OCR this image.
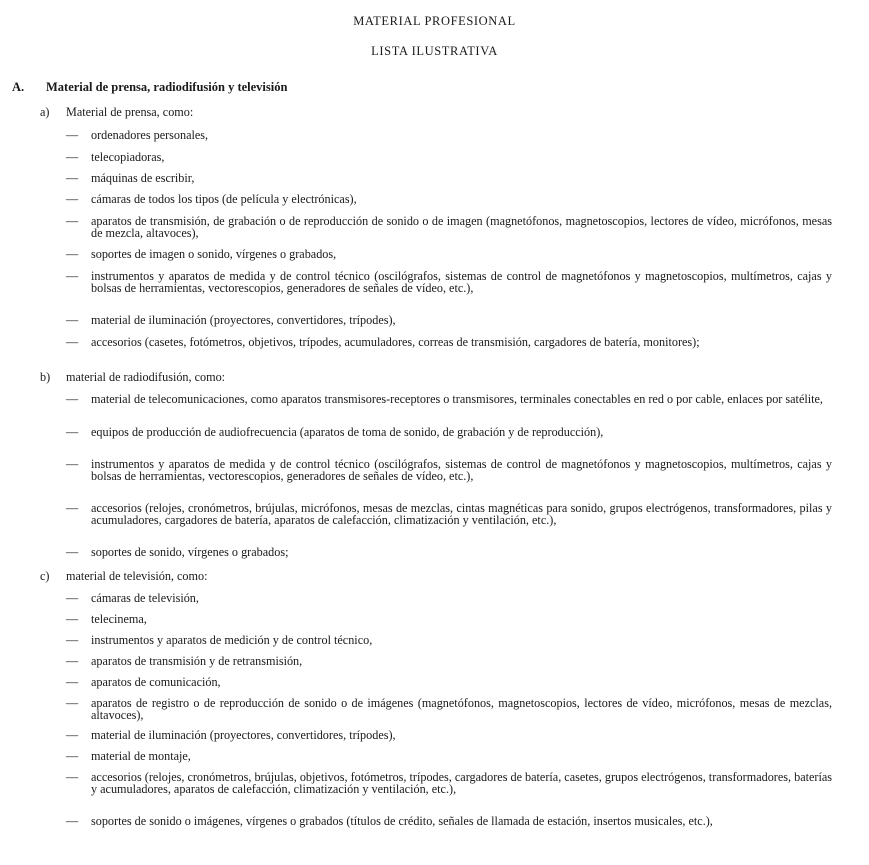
MATERIAL PROFESIONAL
LISTA ILUSTRATIVA
A. Material de prensa, radiodifusión y televisión
a) Material de prensa, como:
— ordenadores personales,
— telecopiadoras,
— máquinas de escribir,
— cámaras de todos los tipos (de película y electrónicas),
— aparatos de transmisión, de grabación o de reproducción de sonido o de imagen (magnetófonos, magnetoscopios, lectores de vídeo, micrófonos, mesas de mezcla, altavoces),
— soportes de imagen o sonido, vírgenes o grabados,
— instrumentos y aparatos de medida y de control técnico (oscilógrafos, sistemas de control de magnetófonos y magnetoscopios, multímetros, cajas y bolsas de herramientas, vectorescopios, generadores de señales de vídeo, etc.),
— material de iluminación (proyectores, convertidores, trípodes),
— accesorios (casetes, fotómetros, objetivos, trípodes, acumuladores, correas de transmisión, cargadores de batería, monitores);
b) material de radiodifusión, como:
— material de telecomunicaciones, como aparatos transmisores-receptores o transmisores, terminales conectables en red o por cable, enlaces por satélite,
— equipos de producción de audiofrecuencia (aparatos de toma de sonido, de grabación y de reproducción),
— instrumentos y aparatos de medida y de control técnico (oscilógrafos, sistemas de control de magnetófonos y magnetoscopios, multímetros, cajas y bolsas de herramientas, vectorescopios, generadores de señales de vídeo, etc.),
— accesorios (relojes, cronómetros, brújulas, micrófonos, mesas de mezclas, cintas magnéticas para sonido, grupos electrógenos, transformadores, pilas y acumuladores, cargadores de batería, aparatos de calefacción, climatización y ventilación, etc.),
— soportes de sonido, vírgenes o grabados;
c) material de televisión, como:
— cámaras de televisión,
— telecinema,
— instrumentos y aparatos de medición y de control técnico,
— aparatos de transmisión y de retransmisión,
— aparatos de comunicación,
— aparatos de registro o de reproducción de sonido o de imágenes (magnetófonos, magnetoscopios, lectores de vídeo, micrófonos, mesas de mezclas, altavoces),
— material de iluminación (proyectores, convertidores, trípodes),
— material de montaje,
— accesorios (relojes, cronómetros, brújulas, objetivos, fotómetros, trípodes, cargadores de batería, casetes, grupos electrógenos, transformadores, baterías y acumuladores, aparatos de calefacción, climatización y ventilación, etc.),
— soportes de sonido o imágenes, vírgenes o grabados (títulos de crédito, señales de llamada de estación, insertos musicales, etc.),
